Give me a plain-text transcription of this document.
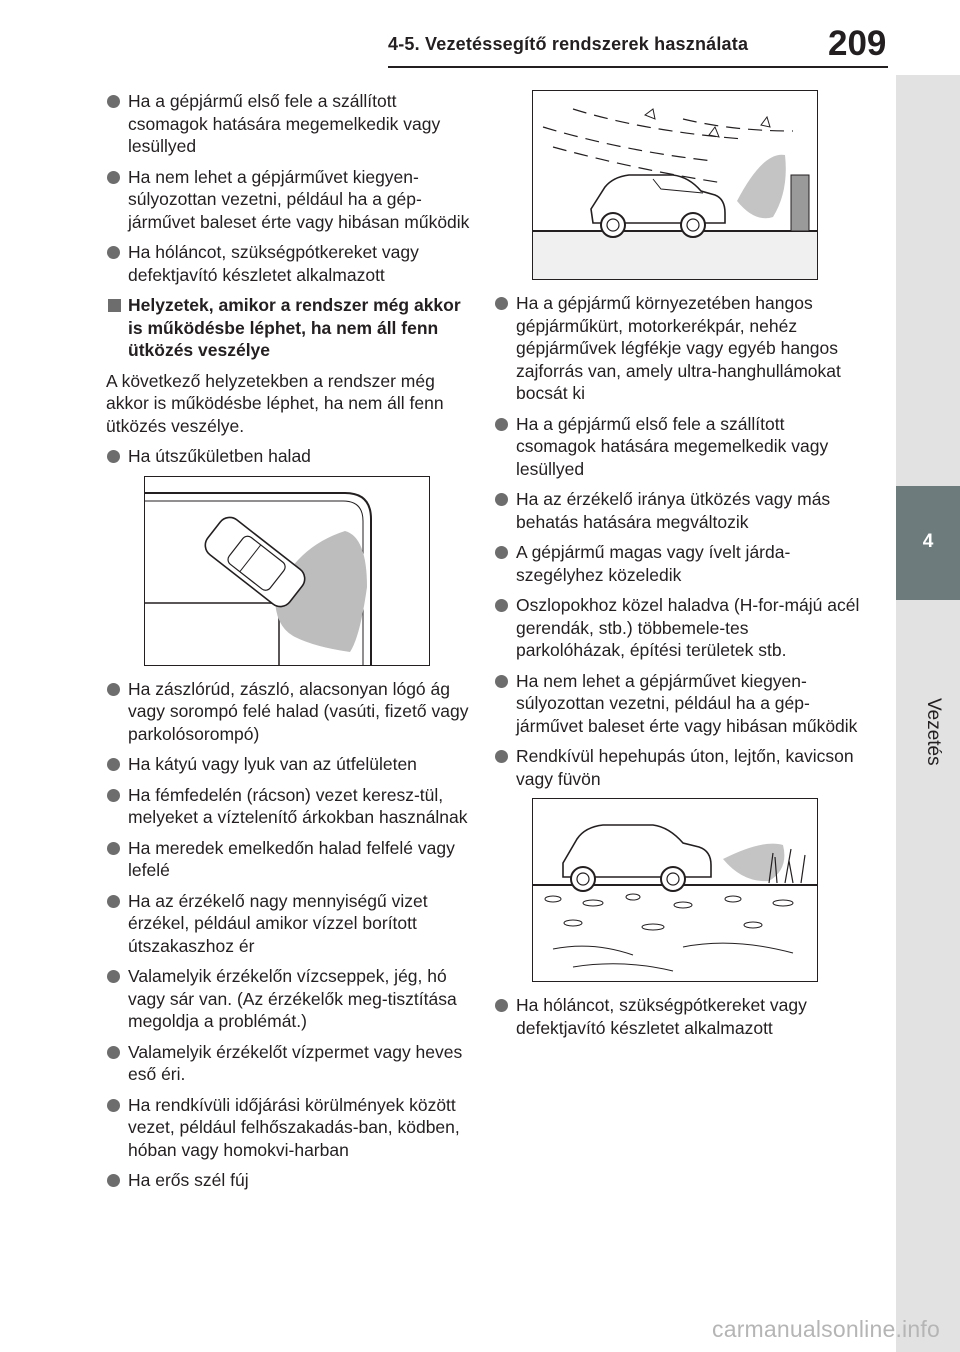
4-5. Vezetéssegítő rendszerek használata 209
4
Vezetés
Ha a gépjármű első fele a szállított csomagok hatására megemelkedik vagy lesüllyed
Ha nem lehet a gépjárművet kiegyen-súlyozottan vezetni, például ha a gép-járművet baleset érte vagy hibásan működik
Ha hóláncot, szükségpótkereket vagy defektjavító készletet alkalmazott
Helyzetek, amikor a rendszer még akkor is működésbe léphet, ha nem áll fenn ütközés veszélye
A következő helyzetekben a rendszer még akkor is működésbe léphet, ha nem áll fenn ütközés veszélye.
Ha útszűkületben halad
Ha zászlórúd, zászló, alacsonyan lógó ág vagy sorompó felé halad (vasúti, fizető vagy parkolósorompó)
Ha kátyú vagy lyuk van az útfelületen
Ha fémfedelén (rácson) vezet keresz-tül, melyeket a víztelenítő árkokban használnak
Ha meredek emelkedőn halad felfelé vagy lefelé
Ha az érzékelő nagy mennyiségű vizet érzékel, például amikor vízzel borított útszakaszhoz ér
Valamelyik érzékelőn vízcseppek, jég, hó vagy sár van. (Az érzékelők meg-tisztítása megoldja a problémát.)
Valamelyik érzékelőt vízpermet vagy heves eső éri.
Ha rendkívüli időjárási körülmények között vezet, például felhőszakadás-ban, ködben, hóban vagy homokvi-harban
Ha erős szél fúj
Ha a gépjármű környezetében hangos gépjárműkürt, motorkerékpár, nehéz gépjárművek légfékje vagy egyéb hangos zajforrás van, amely ultra-hanghullámokat bocsát ki
Ha a gépjármű első fele a szállított csomagok hatására megemelkedik vagy lesüllyed
Ha az érzékelő iránya ütközés vagy más behatás hatására megváltozik
A gépjármű magas vagy ívelt járda-szegélyhez közeledik
Oszlopokhoz közel haladva (H-for-májú acél gerendák, stb.) többemele-tes parkolóházak, építési területek stb.
Ha nem lehet a gépjárművet kiegyen-súlyozottan vezetni, például ha a gép-járművet baleset érte vagy hibásan működik
Rendkívül hepehupás úton, lejtőn, kavicson vagy füvön
Ha hóláncot, szükségpótkereket vagy defektjavító készletet alkalmazott
carmanualsonline.info
